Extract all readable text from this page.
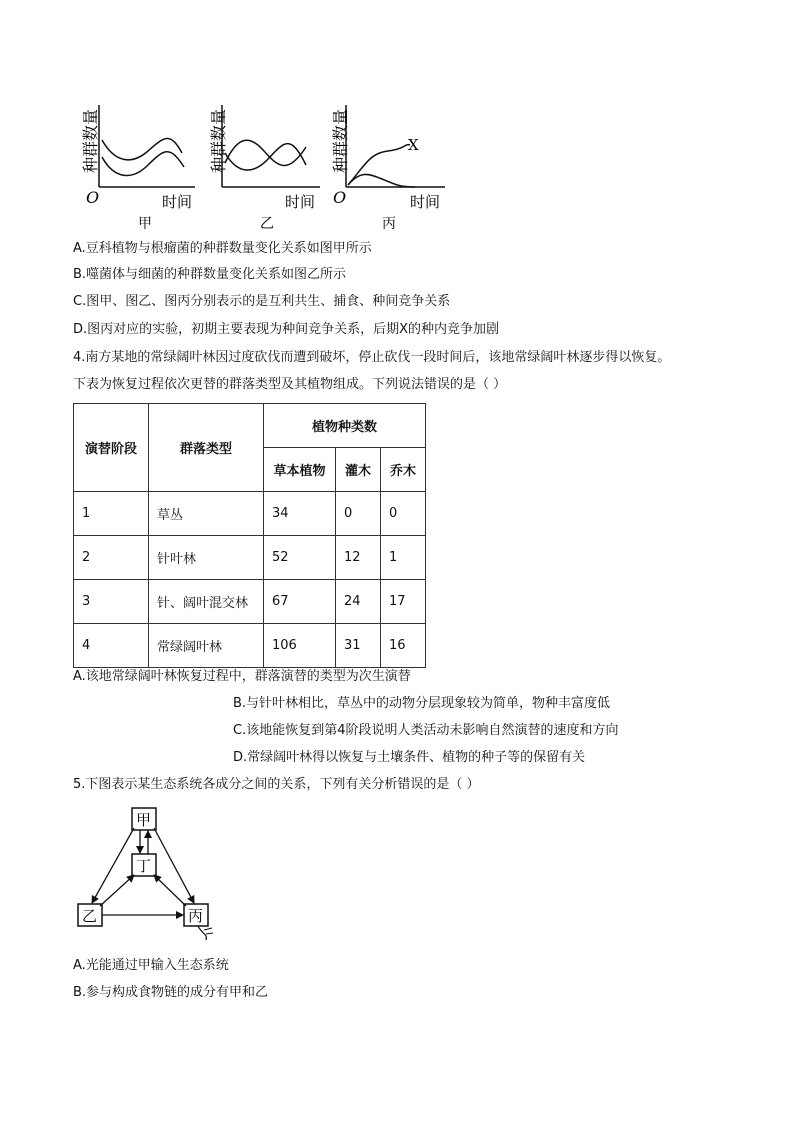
种群数量
O	时间
甲
种群数量
时间
乙
种群数量	X
O	时间
丙
A.豆科植物与根瘤菌的种群数量变化关系如图甲所示
B.噬菌体与细菌的种群数量变化关系如图乙所示
C.图甲、图乙、图丙分别表示的是互利共生、捕食、种间竞争关系
D.图丙对应的实验，初期主要表现为种间竞争关系，后期X的种内竞争加剧
4.南方某地的常绿阔叶林因过度砍伐而遭到破坏，停止砍伐一段时间后，该地常绿阔叶林逐步得以恢复。
下表为恢复过程依次更替的群落类型及其植物组成。下列说法错误的是（ ）
演替阶段	群落类型	植物种类数		
		草本植物	灌木	乔木
1	草丛	34	0	0
2	针叶林	52	12	1
3	针、阔叶混交林	67	24	17
4	常绿阔叶林	106	31	16
A.该地常绿阔叶林恢复过程中，群落演替的类型为次生演替
B.与针叶林相比，草丛中的动物分层现象较为简单，物种丰富度低
C.该地能恢复到第4阶段说明人类活动未影响自然演替的速度和方向
D.常绿阔叶林得以恢复与土壤条件、植物的种子等的保留有关
5.下图表示某生态系统各成分之间的关系，下列有关分析错误的是（ ）
甲
丁
乙	丙
A.光能通过甲输入生态系统
B.参与构成食物链的成分有甲和乙
